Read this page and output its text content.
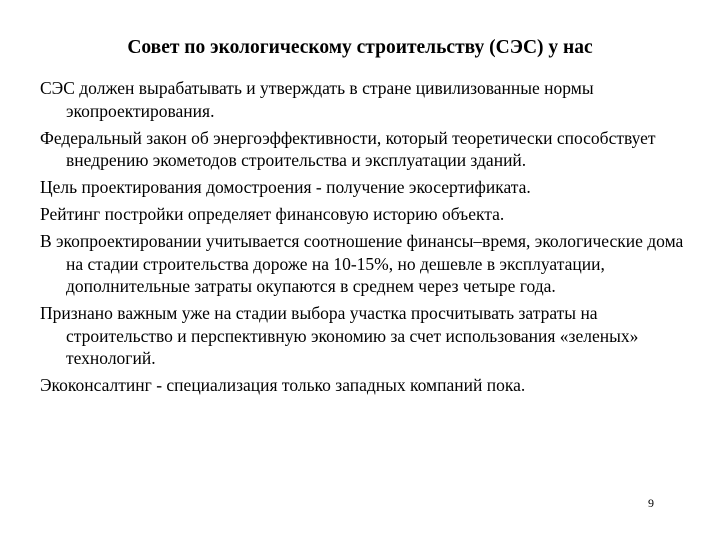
Совет по экологическому строительству (СЭС) у нас
СЭС должен вырабатывать и утверждать в стране цивилизованные нормы экопроектирования.
Федеральный закон об энергоэффективности, который теоретически способствует внедрению экометодов строительства и эксплуатации зданий.
Цель проектирования домостроения - получение экосертификата.
Рейтинг постройки определяет финансовую историю объекта.
В экопроектировании учитывается соотношение финансы–время, экологические дома на стадии строительства дороже на 10-15%, но дешевле в эксплуатации, дополнительные затраты окупаются в среднем через четыре года.
Признано важным уже на стадии выбора участка просчитывать затраты на строительство и перспективную экономию за счет использования «зеленых» технологий.
Экоконсалтинг - специализация только западных компаний пока.
9
